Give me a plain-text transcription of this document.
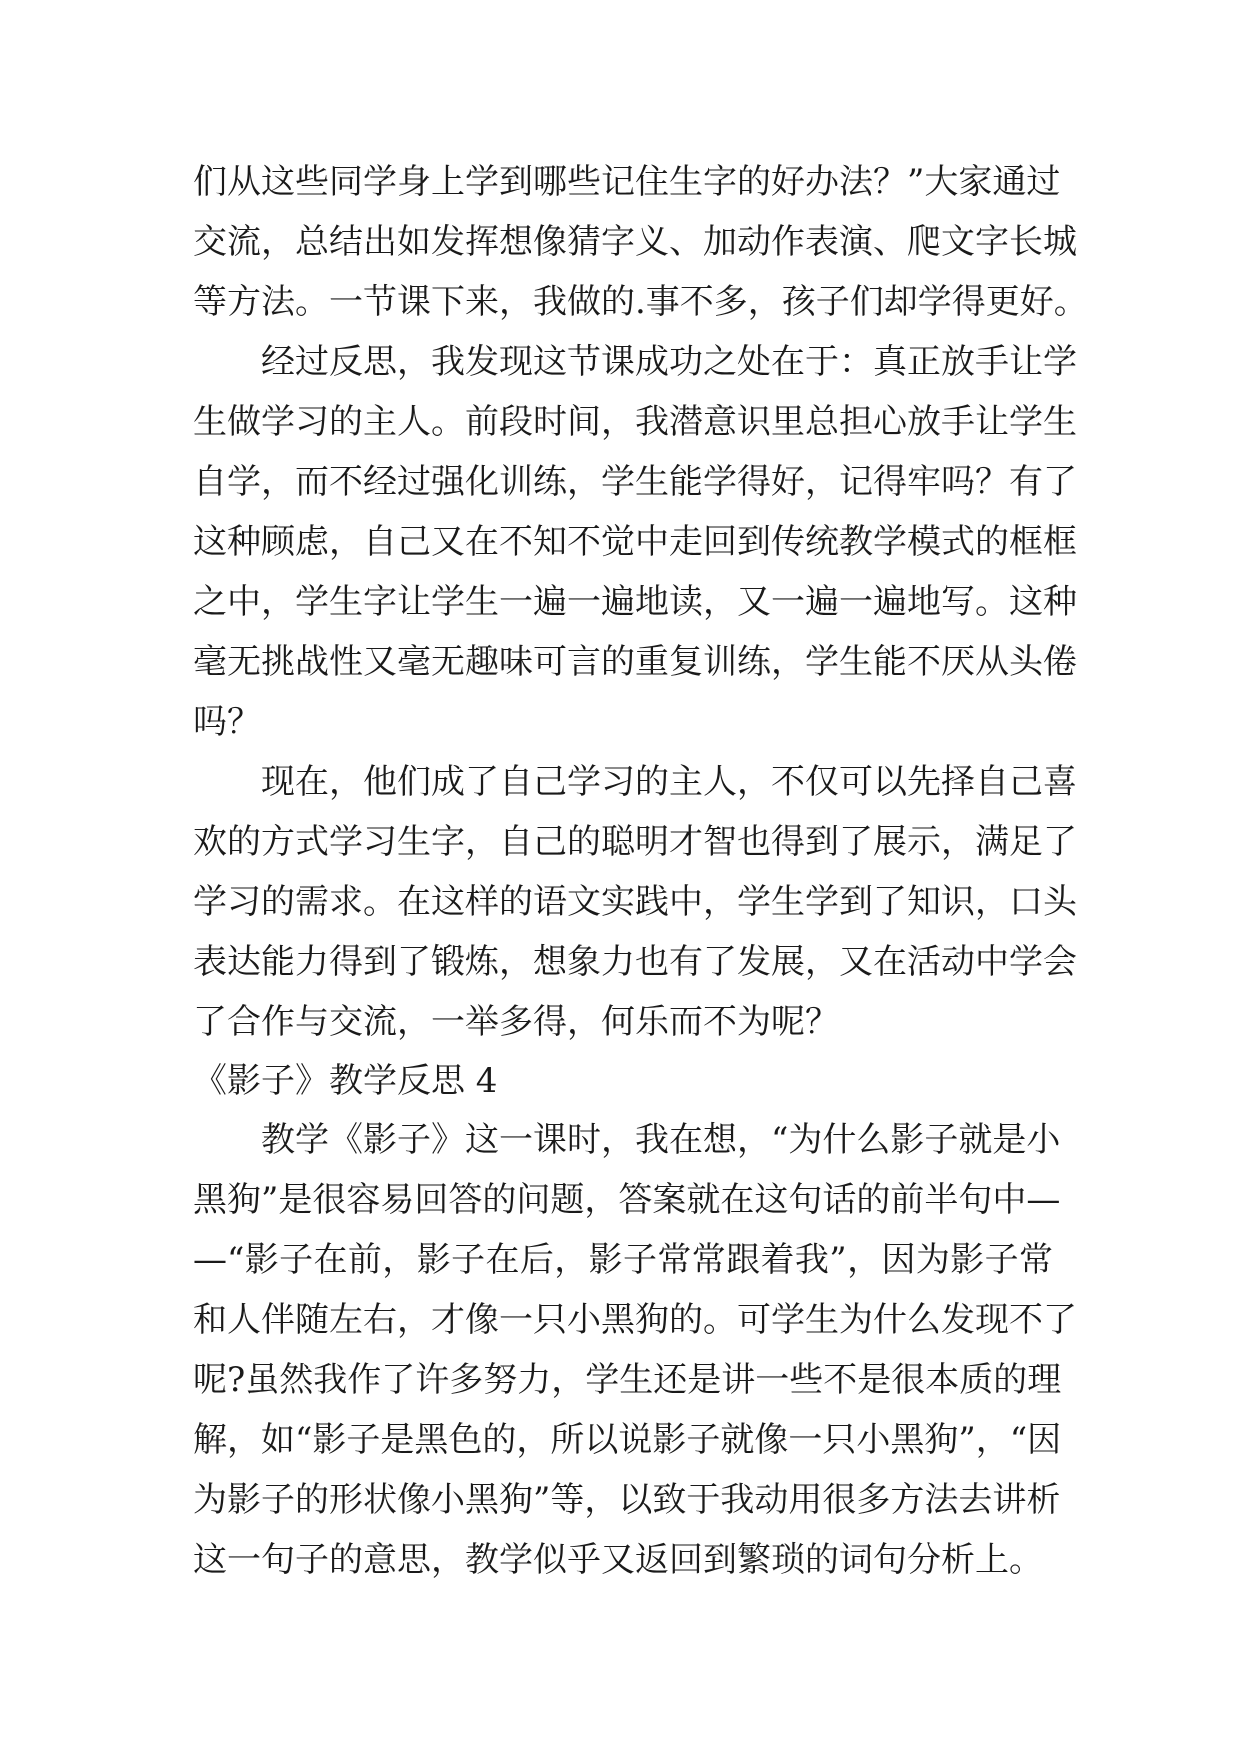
们从这些同学身上学到哪些记住生字的好办法？”大家通过
交流，总结出如发挥想像猜字义、加动作表演、爬文字长城
等方法。一节课下来，我做的.事不多，孩子们却学得更好。
经过反思，我发现这节课成功之处在于：真正放手让学
生做学习的主人。前段时间，我潜意识里总担心放手让学生
自学，而不经过强化训练，学生能学得好，记得牢吗？有了
这种顾虑，自己又在不知不觉中走回到传统教学模式的框框
之中，学生字让学生一遍一遍地读，又一遍一遍地写。这种
毫无挑战性又毫无趣味可言的重复训练，学生能不厌从头倦
吗？
现在，他们成了自己学习的主人，不仅可以先择自己喜
欢的方式学习生字，自己的聪明才智也得到了展示，满足了
学习的需求。在这样的语文实践中，学生学到了知识，口头
表达能力得到了锻炼，想象力也有了发展，又在活动中学会
了合作与交流，一举多得，何乐而不为呢？
《影子》教学反思 4
教学《影子》这一课时，我在想，“为什么影子就是小
黑狗”是很容易回答的问题，答案就在这句话的前半句中—
—“影子在前，影子在后，影子常常跟着我”，因为影子常
和人伴随左右，才像一只小黑狗的。可学生为什么发现不了
呢?虽然我作了许多努力，学生还是讲一些不是很本质的理
解，如“影子是黑色的，所以说影子就像一只小黑狗”，“因
为影子的形状像小黑狗”等，以致于我动用很多方法去讲析
这一句子的意思，教学似乎又返回到繁琐的词句分析上。
